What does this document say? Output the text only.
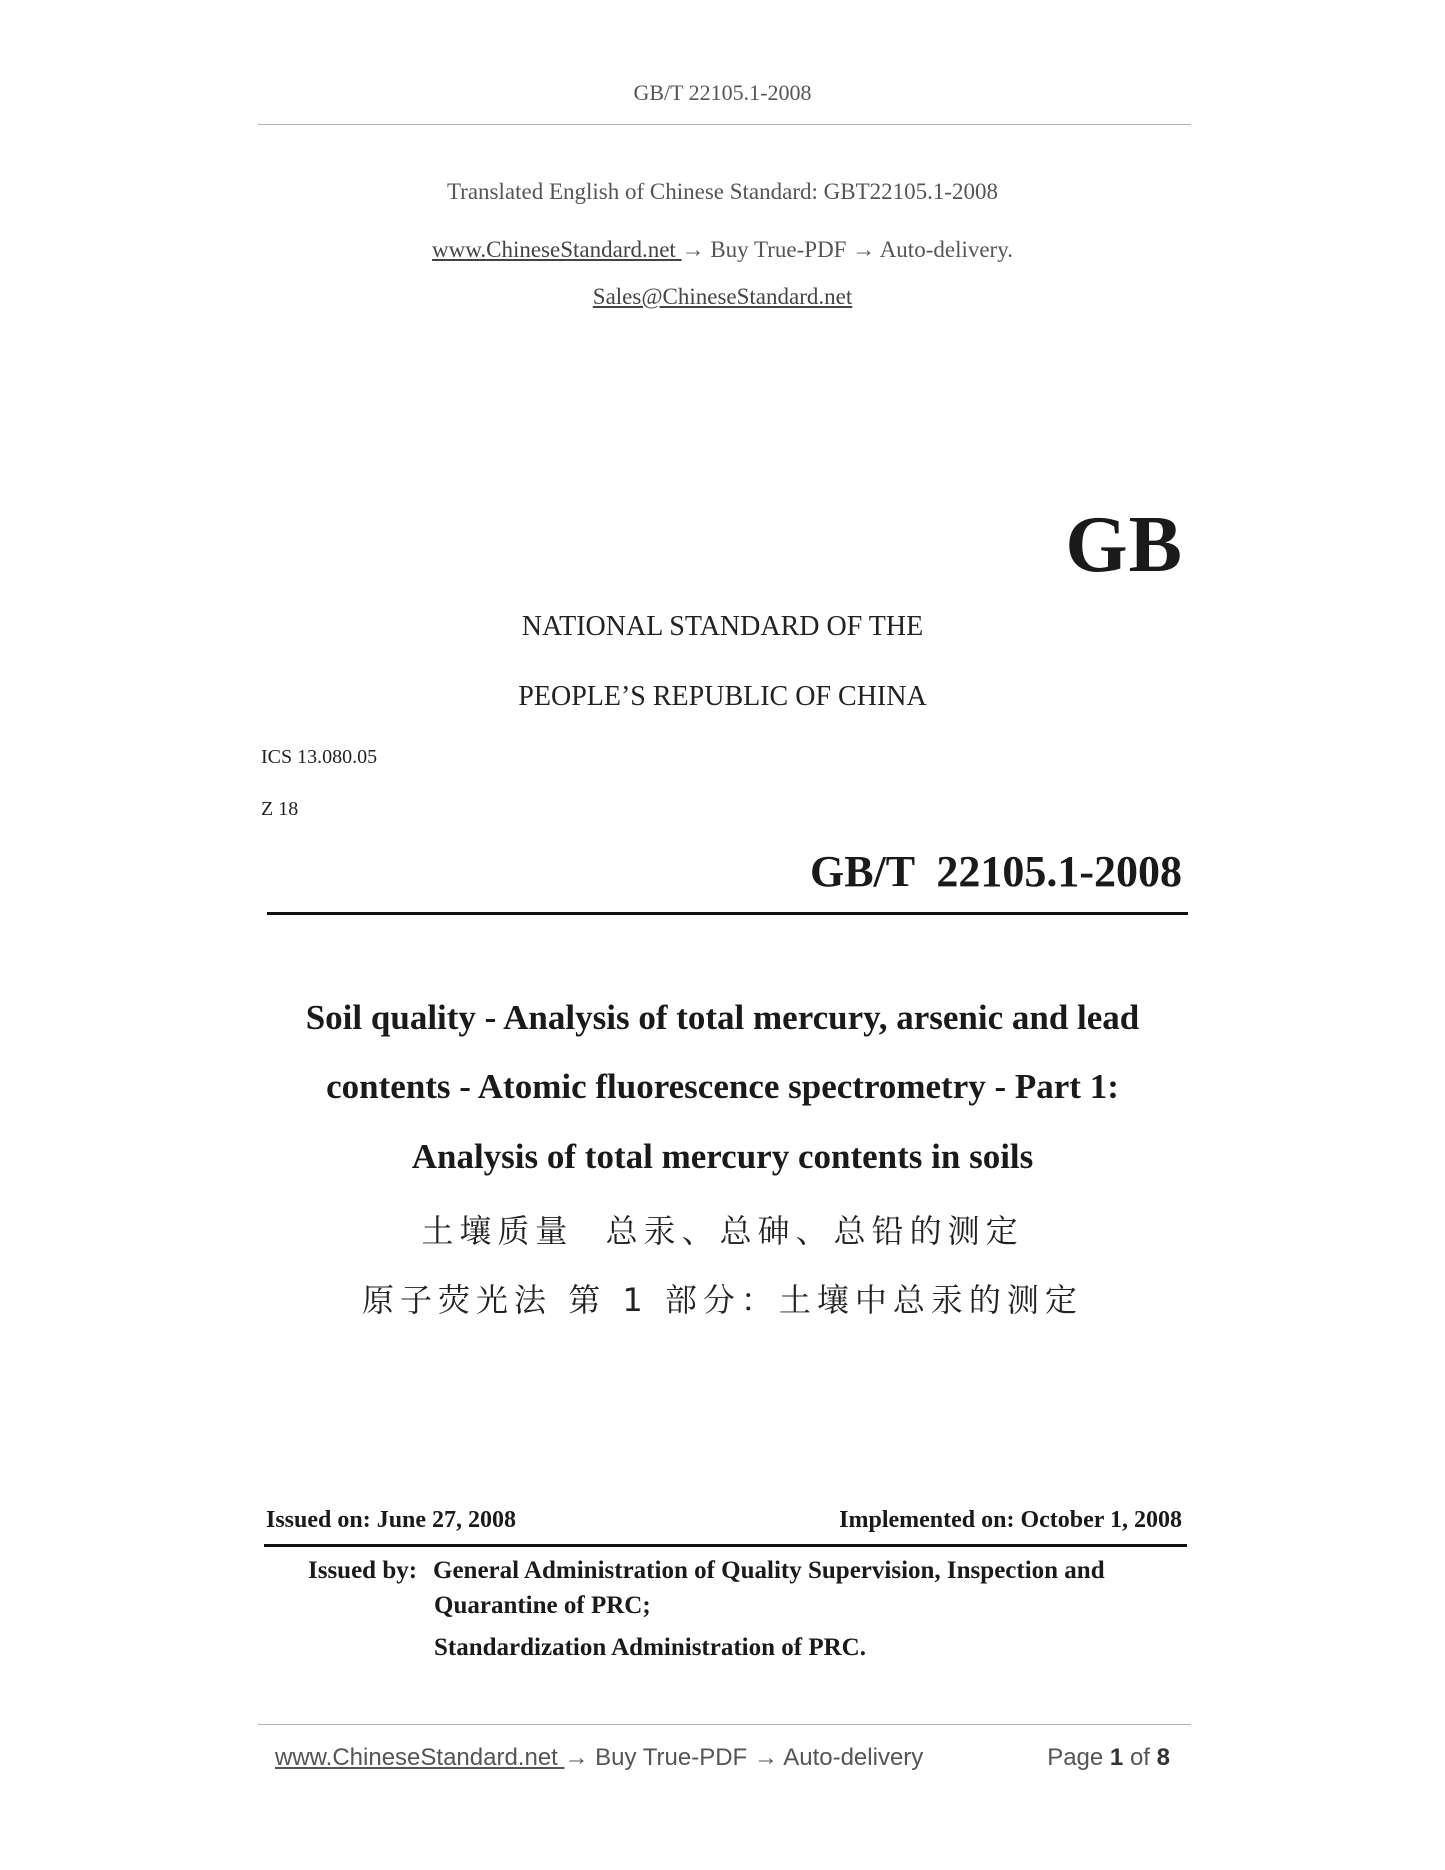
GB/T 22105.1-2008
Translated English of Chinese Standard: GBT22105.1-2008
www.ChineseStandard.net → Buy True-PDF → Auto-delivery.
Sales@ChineseStandard.net
GB
NATIONAL STANDARD OF THE
PEOPLE’S REPUBLIC OF CHINA
ICS 13.080.05
Z 18
GB/T  22105.1-2008
Soil quality - Analysis of total mercury, arsenic and lead
contents - Atomic fluorescence spectrometry - Part 1:
Analysis of total mercury contents in soils
土壤质量  总汞、总砷、总铅的测定
原子荧光法 第 1 部分：土壤中总汞的测定
Issued on: June 27, 2008	Implemented on: October 1, 2008
Issued by: General Administration of Quality Supervision, Inspection and
Quarantine of PRC;
Standardization Administration of PRC.
www.ChineseStandard.net → Buy True-PDF → Auto-delivery	Page 1 of 8
